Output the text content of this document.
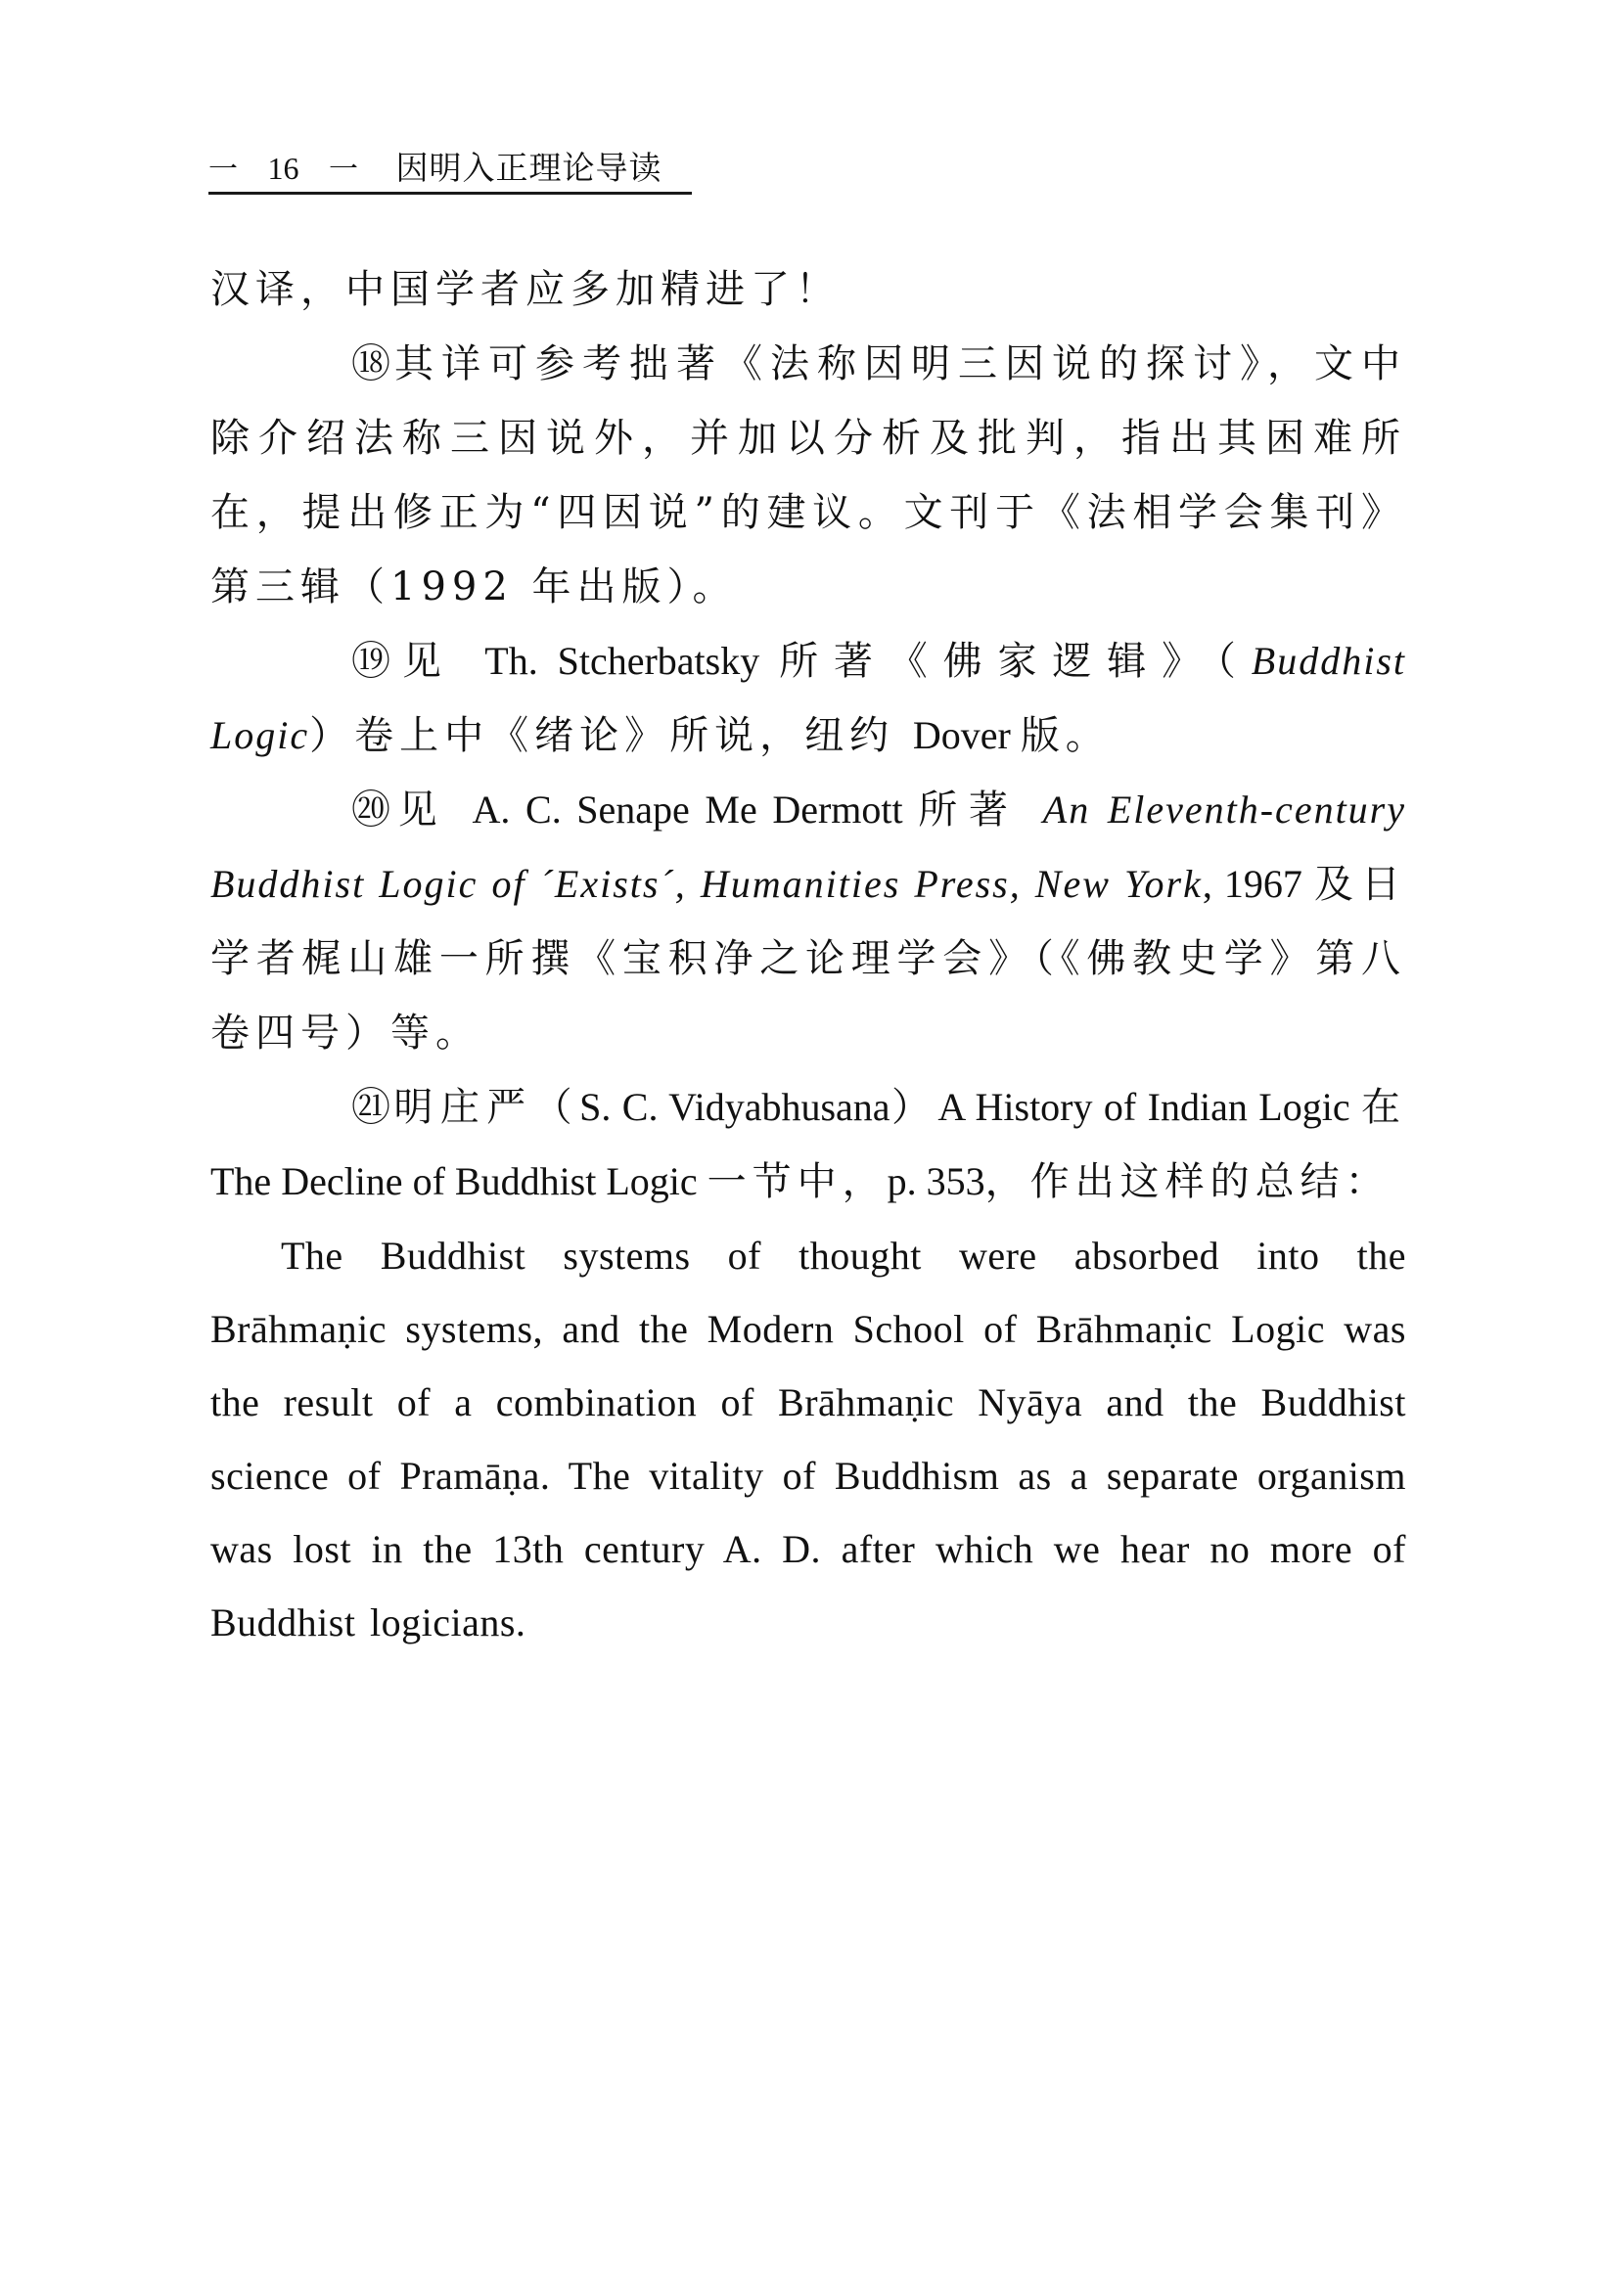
一 16 一 因明入正理论导读

汉译，中国学者应多加精进了！

⑱其详可参考拙著《法称因明三因说的探讨》，文中除介绍法称三因说外，并加以分析及批判，指出其困难所在，提出修正为“四因说”的建议。文刊于《法相学会集刊》第三辑（1992 年出版）。

⑲见 Th. Stcherbatsky 所著《佛家逻辑》（Buddhist Logic）卷上中《绪论》所说，纽约 Dover 版。

⑳见 A. C. Senape Me Dermott 所著 An Eleventh-century Buddhist Logic of ´Exists´, Humanities Press, New York, 1967 及日学者梶山雄一所撰《宝积净之论理学会》（《佛教史学》第八卷四号）等。

㉑明庄严（S. C. Vidyabhusana）A History of Indian Logic 在 The Decline of Buddhist Logic 一节中，p. 353，作出这样的总结：

The Buddhist systems of thought were absorbed into the Brāhmaṇic systems, and the Modern School of Brāhmaṇic Logic was the result of a combination of Brāhmaṇic Nyāya and the Buddhist science of Pramāṇa. The vitality of Buddhism as a separate organism was lost in the 13th century A. D. after which we hear no more of Buddhist logicians.
